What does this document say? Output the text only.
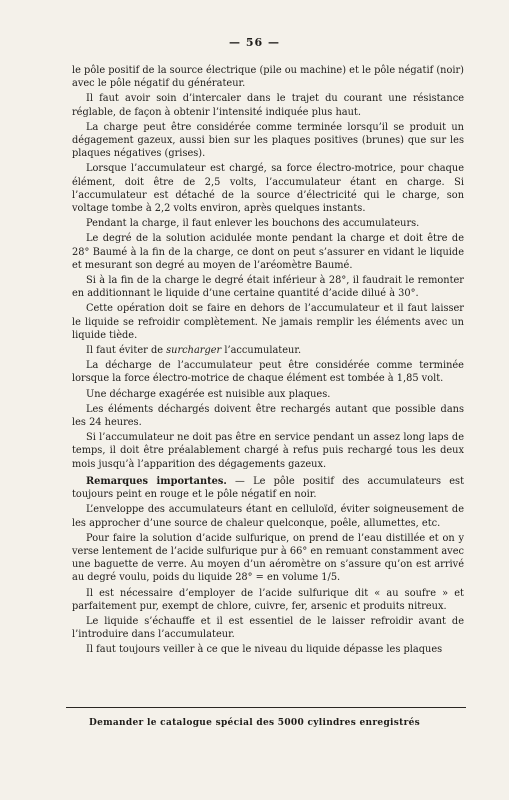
— 56 —

le pôle positif de la source électrique (pile ou machine) et le pôle négatif (noir) avec le pôle négatif du générateur.

Il faut avoir soin d’intercaler dans le trajet du courant une résistance réglable, de façon à obtenir l’intensité indiquée plus haut.

La charge peut être considérée comme terminée lorsqu’il se produit un dégagement gazeux, aussi bien sur les plaques positives (brunes) que sur les plaques négatives (grises).

Lorsque l’accumulateur est chargé, sa force électro-motrice, pour chaque élément, doit être de 2,5 volts, l’accumulateur étant en charge. Si l’accumulateur est détaché de la source d’électricité qui le charge, son voltage tombe à 2,2 volts environ, après quelques instants.

Pendant la charge, il faut enlever les bouchons des accumulateurs.

Le degré de la solution acidulée monte pendant la charge et doit être de 28° Baumé à la fin de la charge, ce dont on peut s’assurer en vidant le liquide et mesurant son degré au moyen de l’aréomètre Baumé.

Si à la fin de la charge le degré était inférieur à 28°, il faudrait le remonter en additionnant le liquide d’une certaine quantité d’acide dilué à 30°.

Cette opération doit se faire en dehors de l’accumulateur et il faut laisser le liquide se refroidir complètement. Ne jamais remplir les éléments avec un liquide tiède.

Il faut éviter de surcharger l’accumulateur.

La décharge de l’accumulateur peut être considérée comme terminée lorsque la force électro-motrice de chaque élément est tombée à 1,85 volt.

Une décharge exagérée est nuisible aux plaques.

Les éléments déchargés doivent être rechargés autant que possible dans les 24 heures.

Si l’accumulateur ne doit pas être en service pendant un assez long laps de temps, il doit être préalablement chargé à refus puis rechargé tous les deux mois jusqu’à l’apparition des dégagements gazeux.

Remarques importantes. — Le pôle positif des accumulateurs est toujours peint en rouge et le pôle négatif en noir.

L’enveloppe des accumulateurs étant en celluloïd, éviter soigneusement de les approcher d’une source de chaleur quelconque, poêle, allumettes, etc.

Pour faire la solution d’acide sulfurique, on prend de l’eau distillée et on y verse lentement de l’acide sulfurique pur à 66° en remuant constamment avec une baguette de verre. Au moyen d’un aéromètre on s’assure qu’on est arrivé au degré voulu, poids du liquide 28° = en volume 1/5.

Il est nécessaire d’employer de l’acide sulfurique dit « au soufre » et parfaitement pur, exempt de chlore, cuivre, fer, arsenic et produits nitreux.

Le liquide s’échauffe et il est essentiel de le laisser refroidir avant de l’introduire dans l’accumulateur.

Il faut toujours veiller à ce que le niveau du liquide dépasse les plaques

Demander le catalogue spécial des 5000 cylindres enregistrés
